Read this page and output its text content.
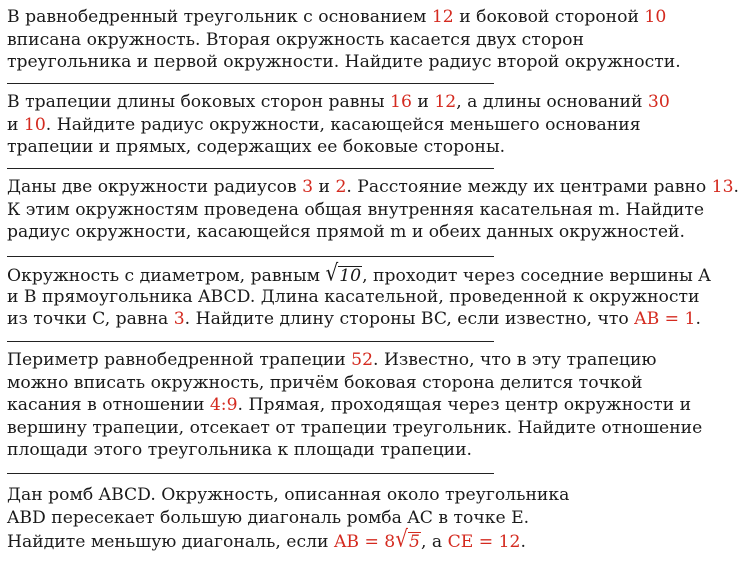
В равнобедренный треугольник с основанием 12 и боковой стороной 10
вписана окружность. Вторая окружность касается двух сторон
треугольника и первой окружности. Найдите радиус второй окружности.
В трапеции длины боковых сторон равны 16 и 12, а длины оснований 30
и 10. Найдите радиус окружности, касающейся меньшего основания
трапеции и прямых, содержащих ее боковые стороны.
Даны две окружности радиусов 3 и 2. Расстояние между их центрами равно 13.
К этим окружностям проведена общая внутренняя касательная m. Найдите
радиус окружности, касающейся прямой m и обеих данных окружностей.
Окружность с диаметром, равным √10, проходит через соседние вершины A
и B прямоугольника ABCD. Длина касательной, проведенной к окружности
из точки C, равна 3. Найдите длину стороны BC, если известно, что AB = 1.
Периметр равнобедренной трапеции 52. Известно, что в эту трапецию
можно вписать окружность, причём боковая сторона делится точкой
касания в отношении 4:9. Прямая, проходящая через центр окружности и
вершину трапеции, отсекает от трапеции треугольник. Найдите отношение
площади этого треугольника к площади трапеции.
Дан ромб ABCD. Окружность, описанная около треугольника
ABD пересекает большую диагональ ромба AC в точке E.
Найдите меньшую диагональ, если AB = 8√5, а CE = 12.
